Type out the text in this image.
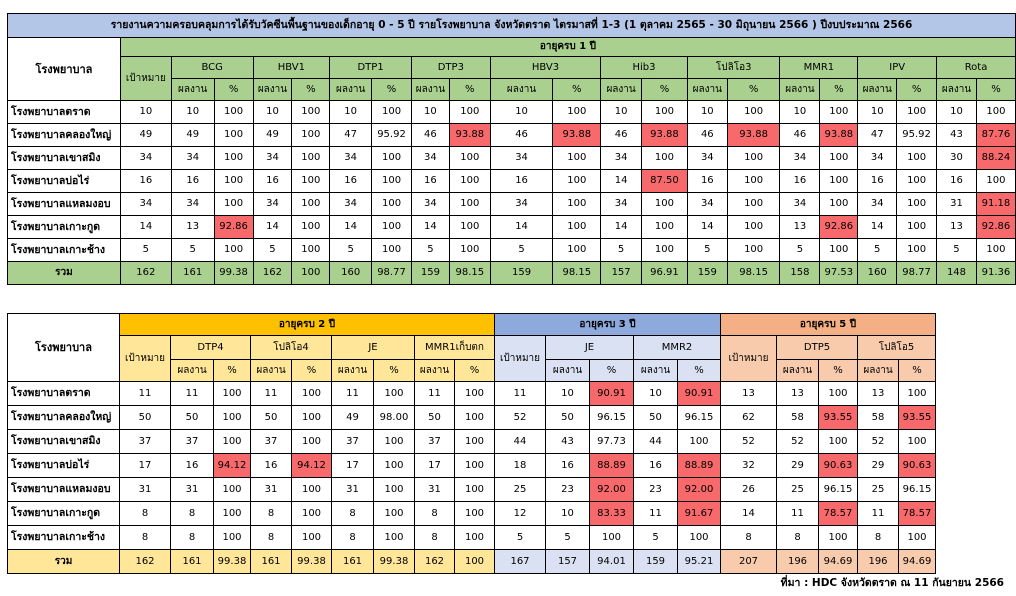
รายงานความครอบคลุมการได้รับวัคซีนพื้นฐานของเด็กอายุ 0 - 5 ปี รายโรงพยาบาล จังหวัดตราด ไตรมาสที่ 1-3 (1 ตุลาคม 2565 - 30 มิถุนายน 2566 ) ปีงบประมาณ 2566																					
โรงพยาบาล	อายุครบ 1 ปี																				
	เป้าหมาย	BCG		HBV1		DTP1		DTP3		HBV3		Hib3		โปลิโอ3		MMR1		IPV		Rota	
		ผลงาน	%	ผลงาน	%	ผลงาน	%	ผลงาน	%	ผลงาน	%	ผลงาน	%	ผลงาน	%	ผลงาน	%	ผลงาน	%	ผลงาน	%
โรงพยาบาลตราด	10	10	100	10	100	10	100	10	100	10	100	10	100	10	100	10	100	10	100	10	100
โรงพยาบาลคลองใหญ่	49	49	100	49	100	47	95.92	46	93.88	46	93.88	46	93.88	46	93.88	46	93.88	47	95.92	43	87.76
โรงพยาบาลเขาสมิง	34	34	100	34	100	34	100	34	100	34	100	34	100	34	100	34	100	34	100	30	88.24
โรงพยาบาลบ่อไร่	16	16	100	16	100	16	100	16	100	16	100	14	87.50	16	100	16	100	16	100	16	100
โรงพยาบาลแหลมงอบ	34	34	100	34	100	34	100	34	100	34	100	34	100	34	100	34	100	34	100	31	91.18
โรงพยาบาลเกาะกูด	14	13	92.86	14	100	14	100	14	100	14	100	14	100	14	100	13	92.86	14	100	13	92.86
โรงพยาบาลเกาะช้าง	5	5	100	5	100	5	100	5	100	5	100	5	100	5	100	5	100	5	100	5	100
รวม	162	161	99.38	162	100	160	98.77	159	98.15	159	98.15	157	96.91	159	98.15	158	97.53	160	98.77	148	91.36
โรงพยาบาล	อายุครบ 2 ปี									อายุครบ 3 ปี					อายุครบ 5 ปี				
	เป้าหมาย	DTP4		โปลิโอ4		JE		MMR1เก็บตก		เป้าหมาย	JE		MMR2		เป้าหมาย	DTP5		โปลิโอ5	
		ผลงาน	%	ผลงาน	%	ผลงาน	%	ผลงาน	%		ผลงาน	%	ผลงาน	%		ผลงาน	%	ผลงาน	%
โรงพยาบาลตราด	11	11	100	11	100	11	100	11	100	11	10	90.91	10	90.91	13	13	100	13	100
โรงพยาบาลคลองใหญ่	50	50	100	50	100	49	98.00	50	100	52	50	96.15	50	96.15	62	58	93.55	58	93.55
โรงพยาบาลเขาสมิง	37	37	100	37	100	37	100	37	100	44	43	97.73	44	100	52	52	100	52	100
โรงพยาบาลบ่อไร่	17	16	94.12	16	94.12	17	100	17	100	18	16	88.89	16	88.89	32	29	90.63	29	90.63
โรงพยาบาลแหลมงอบ	31	31	100	31	100	31	100	31	100	25	23	92.00	23	92.00	26	25	96.15	25	96.15
โรงพยาบาลเกาะกูด	8	8	100	8	100	8	100	8	100	12	10	83.33	11	91.67	14	11	78.57	11	78.57
โรงพยาบาลเกาะช้าง	8	8	100	8	100	8	100	8	100	5	5	100	5	100	8	8	100	8	100
รวม	162	161	99.38	161	99.38	161	99.38	162	100	167	157	94.01	159	95.21	207	196	94.69	196	94.69
ที่มา : HDC จังหวัดตราด ณ 11 กันยายน 2566
